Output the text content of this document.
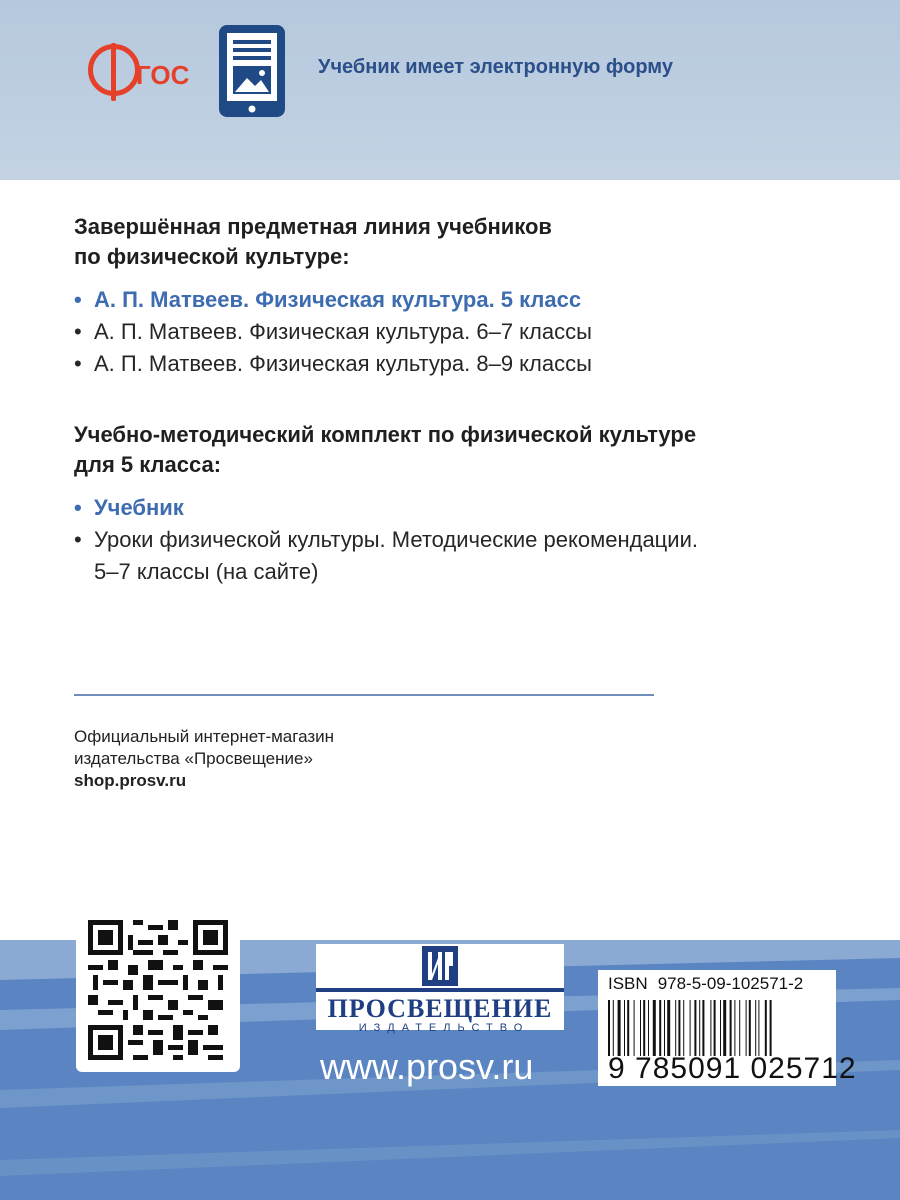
ГОС	Учебник имеет электронную форму

Завершённая предметная линия учебников
по физической культуре:

• А. П. Матвеев. Физическая культура. 5 класс
• А. П. Матвеев. Физическая культура. 6–7 классы
• А. П. Матвеев. Физическая культура. 8–9 классы

Учебно-методический комплект по физической культуре
для 5 класса:

• Учебник
• Уроки физической культуры. Методические рекомендации.
5–7 классы (на сайте)
Официальный интернет-магазин
издательства «Просвещение»
shop.prosv.ru
ПРОСВЕЩЕНИЕ
ИЗДАТЕЛЬСТВО
www.prosv.ru
ISBN 978-5-09-102571-2
9 785091 025712
